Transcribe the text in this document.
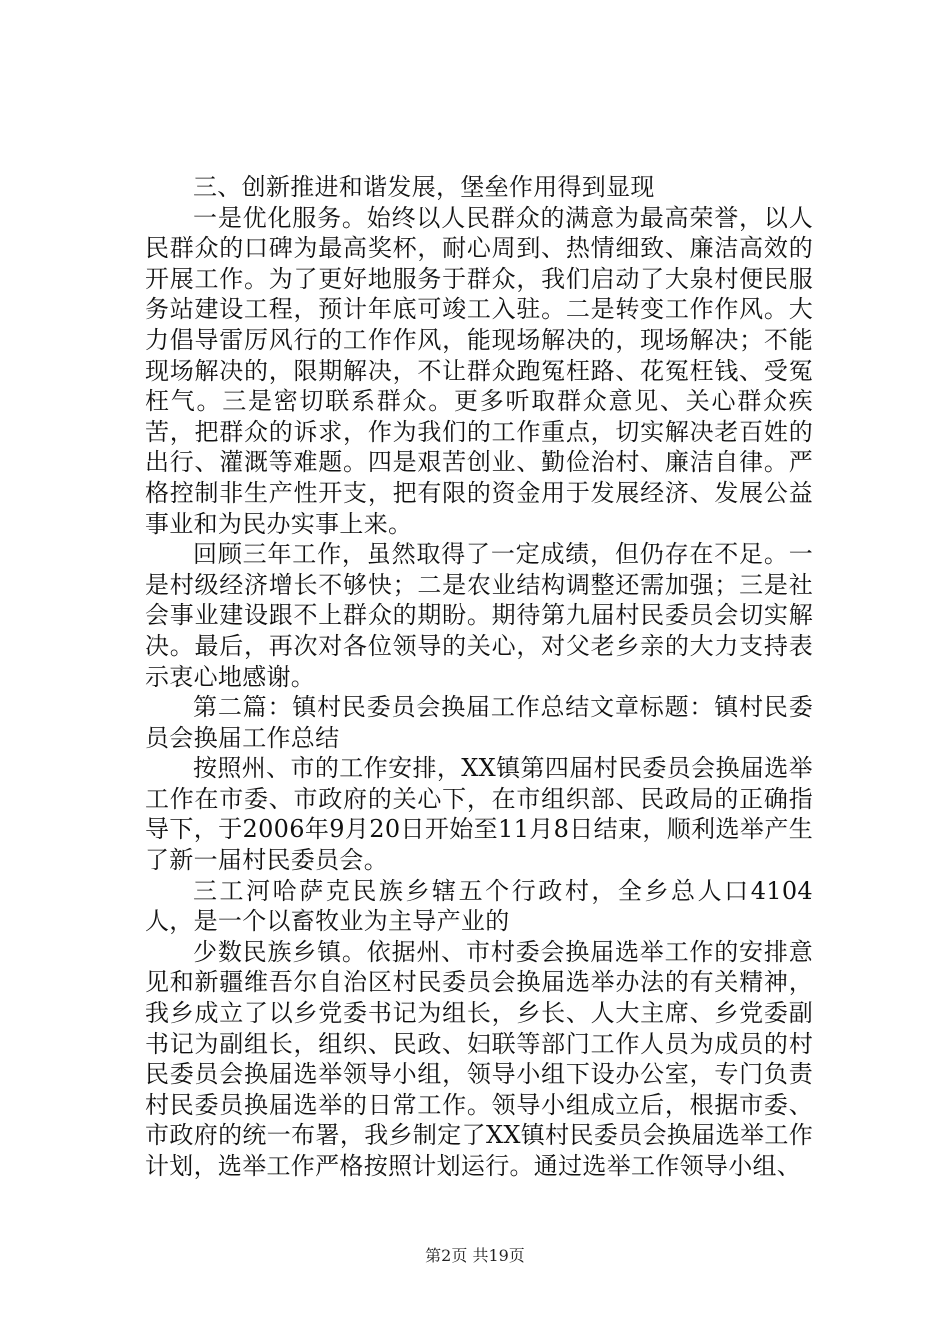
三、创新推进和谐发展，堡垒作用得到显现

一是优化服务。始终以人民群众的满意为最高荣誉，以人民群众的口碑为最高奖杯，耐心周到、热情细致、廉洁高效的开展工作。为了更好地服务于群众，我们启动了大泉村便民服务站建设工程，预计年底可竣工入驻。二是转变工作作风。大力倡导雷厉风行的工作作风，能现场解决的，现场解决；不能现场解决的，限期解决，不让群众跑冤枉路、花冤枉钱、受冤枉气。三是密切联系群众。更多听取群众意见、关心群众疾苦，把群众的诉求，作为我们的工作重点，切实解决老百姓的出行、灌溉等难题。四是艰苦创业、勤俭治村、廉洁自律。严格控制非生产性开支，把有限的资金用于发展经济、发展公益事业和为民办实事上来。

回顾三年工作，虽然取得了一定成绩，但仍存在不足。一是村级经济增长不够快；二是农业结构调整还需加强；三是社会事业建设跟不上群众的期盼。期待第九届村民委员会切实解决。最后，再次对各位领导的关心，对父老乡亲的大力支持表示衷心地感谢。

第二篇：镇村民委员会换届工作总结文章标题：镇村民委员会换届工作总结

按照州、市的工作安排，XX镇第四届村民委员会换届选举工作在市委、市政府的关心下，在市组织部、民政局的正确指导下，于2006年9月20日开始至11月8日结束，顺利选举产生了新一届村民委员会。

三工河哈萨克民族乡辖五个行政村，全乡总人口4104人，是一个以畜牧业为主导产业的

少数民族乡镇。依据州、市村委会换届选举工作的安排意见和新疆维吾尔自治区村民委员会换届选举办法的有关精神，我乡成立了以乡党委书记为组长，乡长、人大主席、乡党委副书记为副组长，组织、民政、妇联等部门工作人员为成员的村民委员会换届选举领导小组，领导小组下设办公室，专门负责村民委员换届选举的日常工作。领导小组成立后，根据市委、市政府的统一布署，我乡制定了XX镇村民委员会换届选举工作计划，选举工作严格按照计划运行。通过选举工作领导小组、

第2页 共19页
